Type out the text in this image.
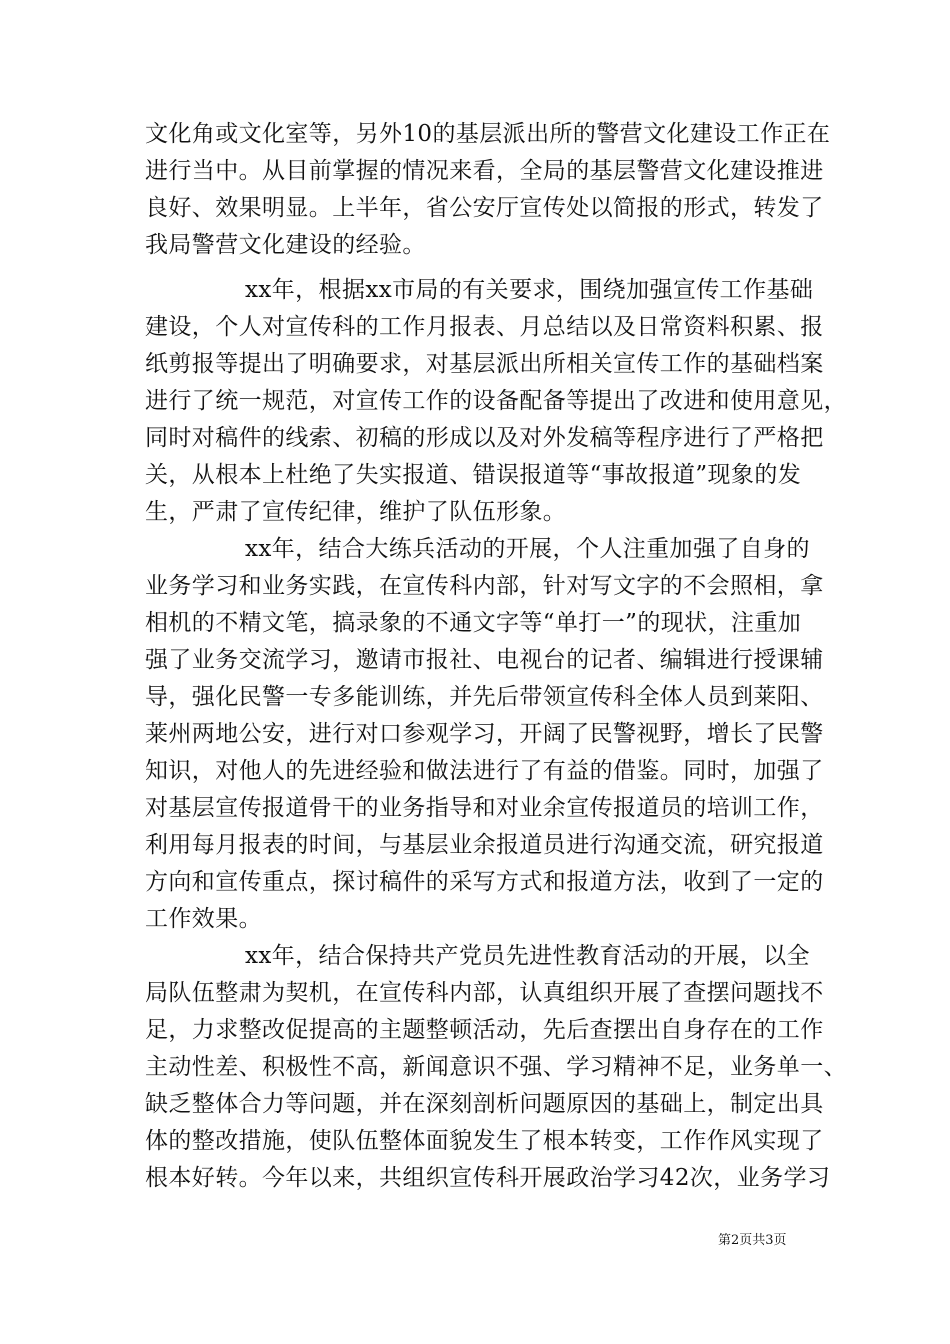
文化角或文化室等，另外10的基层派出所的警营文化建设工作正在
进行当中。从目前掌握的情况来看，全局的基层警营文化建设推进
良好、效果明显。上半年，省公安厅宣传处以简报的形式，转发了
我局警营文化建设的经验。
xx年，根据xx市局的有关要求，围绕加强宣传工作基础
建设，个人对宣传科的工作月报表、月总结以及日常资料积累、报
纸剪报等提出了明确要求，对基层派出所相关宣传工作的基础档案
进行了统一规范，对宣传工作的设备配备等提出了改进和使用意见，
同时对稿件的线索、初稿的形成以及对外发稿等程序进行了严格把
关，从根本上杜绝了失实报道、错误报道等“事故报道”现象的发
生，严肃了宣传纪律，维护了队伍形象。
xx年，结合大练兵活动的开展，个人注重加强了自身的
业务学习和业务实践，在宣传科内部，针对写文字的不会照相，拿
相机的不精文笔，搞录象的不通文字等“单打一”的现状，注重加
强了业务交流学习，邀请市报社、电视台的记者、编辑进行授课辅
导，强化民警一专多能训练，并先后带领宣传科全体人员到莱阳、
莱州两地公安，进行对口参观学习，开阔了民警视野，增长了民警
知识，对他人的先进经验和做法进行了有益的借鉴。同时，加强了
对基层宣传报道骨干的业务指导和对业余宣传报道员的培训工作，
利用每月报表的时间，与基层业余报道员进行沟通交流，研究报道
方向和宣传重点，探讨稿件的采写方式和报道方法，收到了一定的
工作效果。
xx年，结合保持共产党员先进性教育活动的开展，以全
局队伍整肃为契机，在宣传科内部，认真组织开展了查摆问题找不
足，力求整改促提高的主题整顿活动，先后查摆出自身存在的工作
主动性差、积极性不高，新闻意识不强、学习精神不足，业务单一、
缺乏整体合力等问题，并在深刻剖析问题原因的基础上，制定出具
体的整改措施，使队伍整体面貌发生了根本转变，工作作风实现了
根本好转。今年以来，共组织宣传科开展政治学习42次，业务学习
第2页共3页
